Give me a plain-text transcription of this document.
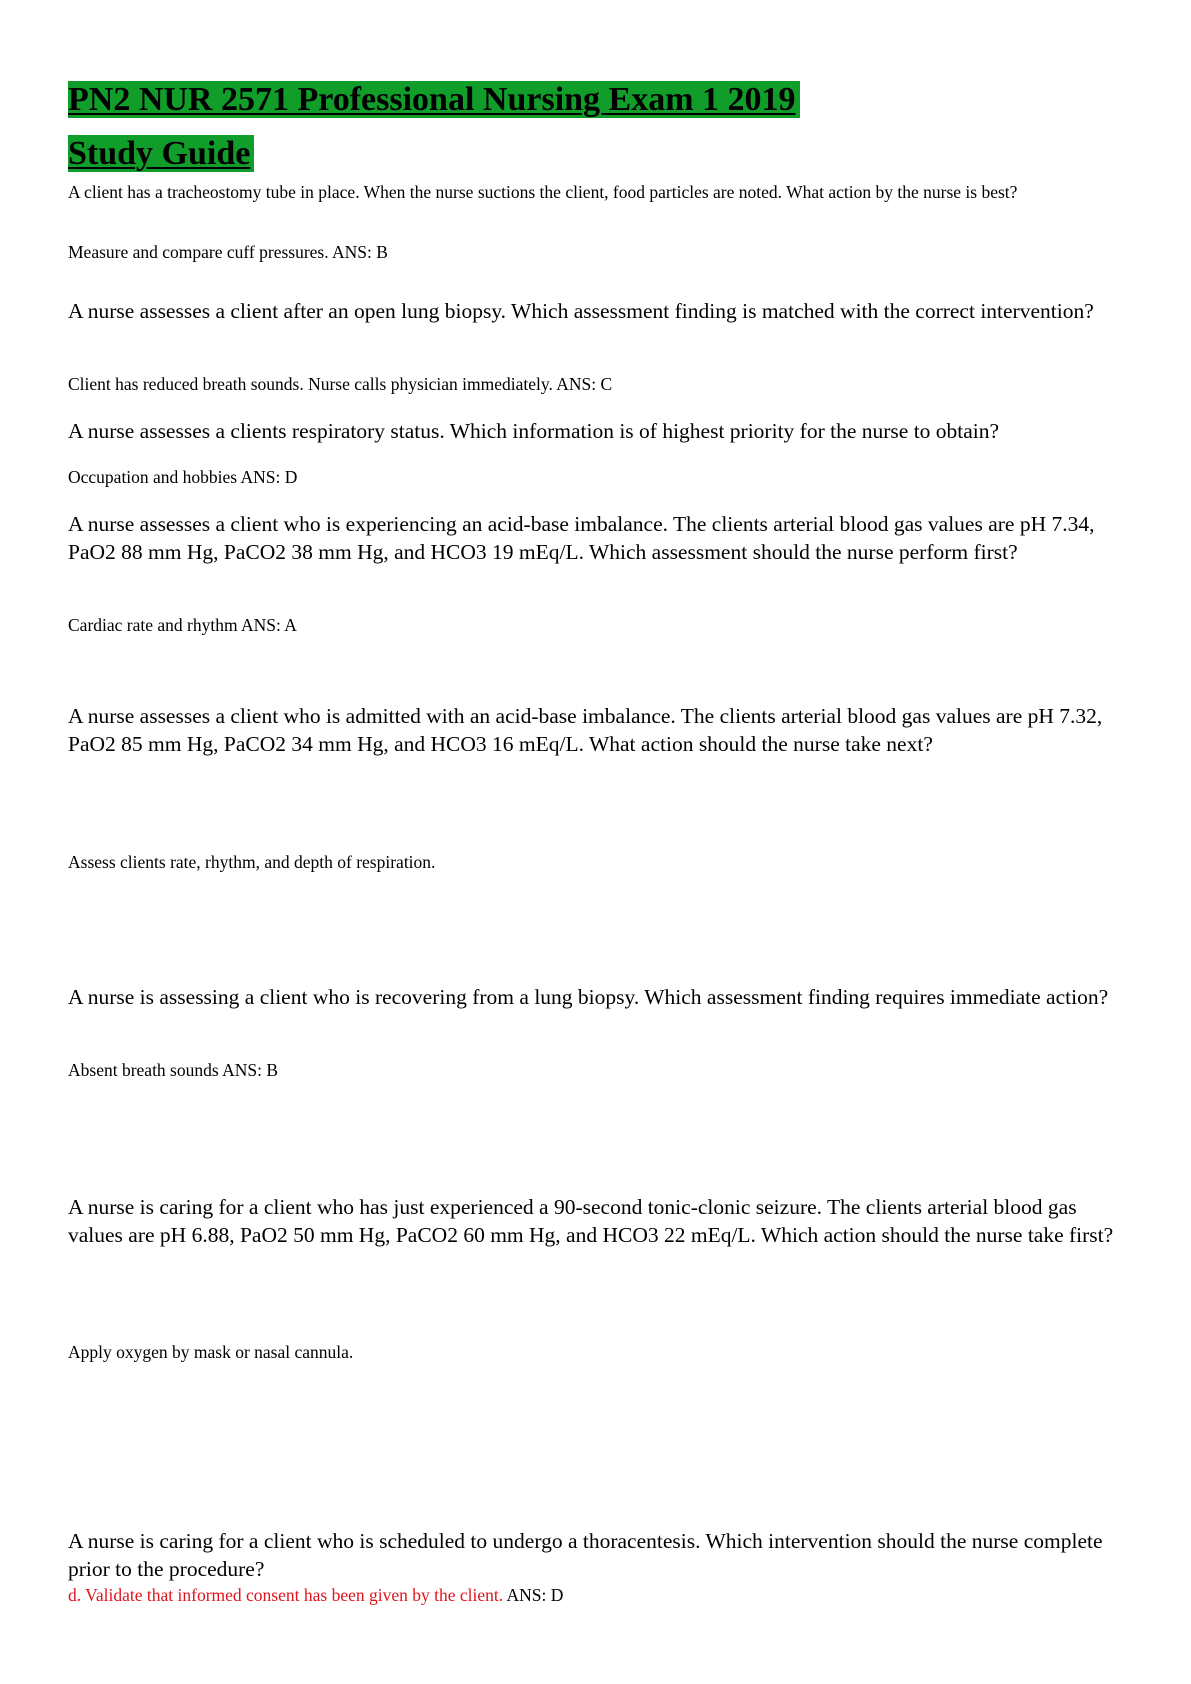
PN2 NUR 2571 Professional Nursing Exam 1 2019
Study Guide
A client has a tracheostomy tube in place. When the nurse suctions the client, food particles are noted. What action by the nurse is best?
Measure and compare cuff pressures. ANS: B
A nurse assesses a client after an open lung biopsy. Which assessment finding is matched with the correct intervention?
Client has reduced breath sounds. Nurse calls physician immediately. ANS: C
A nurse assesses a clients respiratory status. Which information is of highest priority for the nurse to obtain?
Occupation and hobbies ANS: D
A nurse assesses a client who is experiencing an acid-base imbalance. The clients arterial blood gas values are pH 7.34, PaO2 88 mm Hg, PaCO2 38 mm Hg, and HCO3 19 mEq/L. Which assessment should the nurse perform first?
Cardiac rate and rhythm ANS: A
A nurse assesses a client who is admitted with an acid-base imbalance. The clients arterial blood gas values are pH 7.32, PaO2 85 mm Hg, PaCO2 34 mm Hg, and HCO3 16 mEq/L. What action should the nurse take next?
Assess clients rate, rhythm, and depth of respiration.
A nurse is assessing a client who is recovering from a lung biopsy. Which assessment finding requires immediate action?
Absent breath sounds ANS: B
A nurse is caring for a client who has just experienced a 90-second tonic-clonic seizure. The clients arterial blood gas values are pH 6.88, PaO2 50 mm Hg, PaCO2 60 mm Hg, and HCO3 22 mEq/L. Which action should the nurse take first?
Apply oxygen by mask or nasal cannula.
A nurse is caring for a client who is scheduled to undergo a thoracentesis. Which intervention should the nurse complete prior to the procedure?
d. Validate that informed consent has been given by the client. ANS: D
